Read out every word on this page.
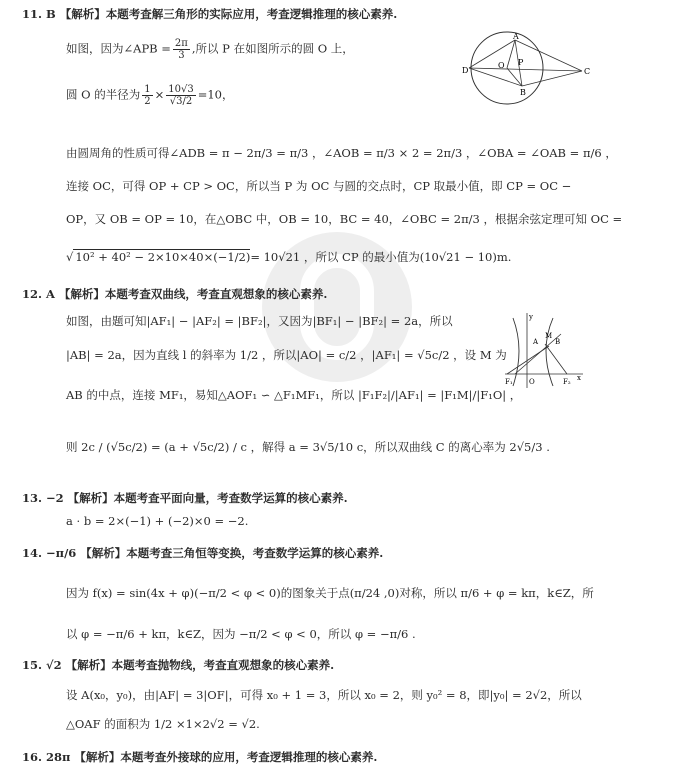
11. B 【解析】本题考查解三角形的实际应用，考查逻辑推理的核心素养.
如图，因为∠APB = $\frac{2\pi}{3}$ ,所以 P 在如图所示的圆 O 上，
圆 O 的半径为 $\frac{1}{2} \times \frac{10√3}{√3/2} =10$，
由圆周角的性质可得∠ADB = π − 2π/3 = π/3 ，∠AOB = π/3 × 2 = 2π/3 ，∠OBA = ∠OAB = π/6 ，
连接 OC，可得 OP + CP > OC，所以当 P 为 OC 与圆的交点时，CP 取最小值，即 CP = OC −
OP，又 OB = OP = 10，在△OBC 中，OB = 10，BC = 40，∠OBC = 2π/3 ，根据余弦定理可知 OC =
√ 10² + 40² − 2×10×40×(−1/2)= 10√21 ，所以 CP 的最小值为(10√21 − 10)m.
A
O P
D
B
C
12. A 【解析】本题考查双曲线，考查直观想象的核心素养.
如图，由题可知|AF₁| − |AF₂| = |BF₂|，又因为|BF₁| − |BF₂| = 2a，所以
|AB| = 2a，因为直线 l 的斜率为 1/2 ，所以|AO| = c/2 ，|AF₁| = √5c/2 ，设 M 为
AB 的中点，连接 MF₁，易知△AOF₁ ∽ △F₁MF₁，所以 |F₁F₂|/|AF₁| = |F₁M|/|F₁O| ，
则 2c / (√5c/2) = (a + √5c/2) / c ，解得 a = 3√5/10 c，所以双曲线 C 的离心率为 2√5/3 .
y
A
M
B
F₁ O	F₂ x
13. −2 【解析】本题考查平面向量，考查数学运算的核心素养.
a · b = 2×(−1) + (−2)×0 = −2.
14. −π/6 【解析】本题考查三角恒等变换，考查数学运算的核心素养.
因为 f(x) = sin(4x + φ)(−π/2 < φ < 0)的图象关于点(π/24 ,0)对称，所以 π/6 + φ = kπ，k∈Z，所
以 φ = −π/6 + kπ，k∈Z，因为 −π/2 < φ < 0，所以 φ = −π/6 .
15. √2 【解析】本题考查抛物线，考查直观想象的核心素养.
设 A(x₀，y₀)，由|AF| = 3|OF|，可得 x₀ + 1 = 3，所以 x₀ = 2，则 y₀² = 8，即|y₀| = 2√2，所以
△OAF 的面积为 1/2 ×1×2√2 = √2.
16. 28π 【解析】本题考查外接球的应用，考查逻辑推理的核心素养.
